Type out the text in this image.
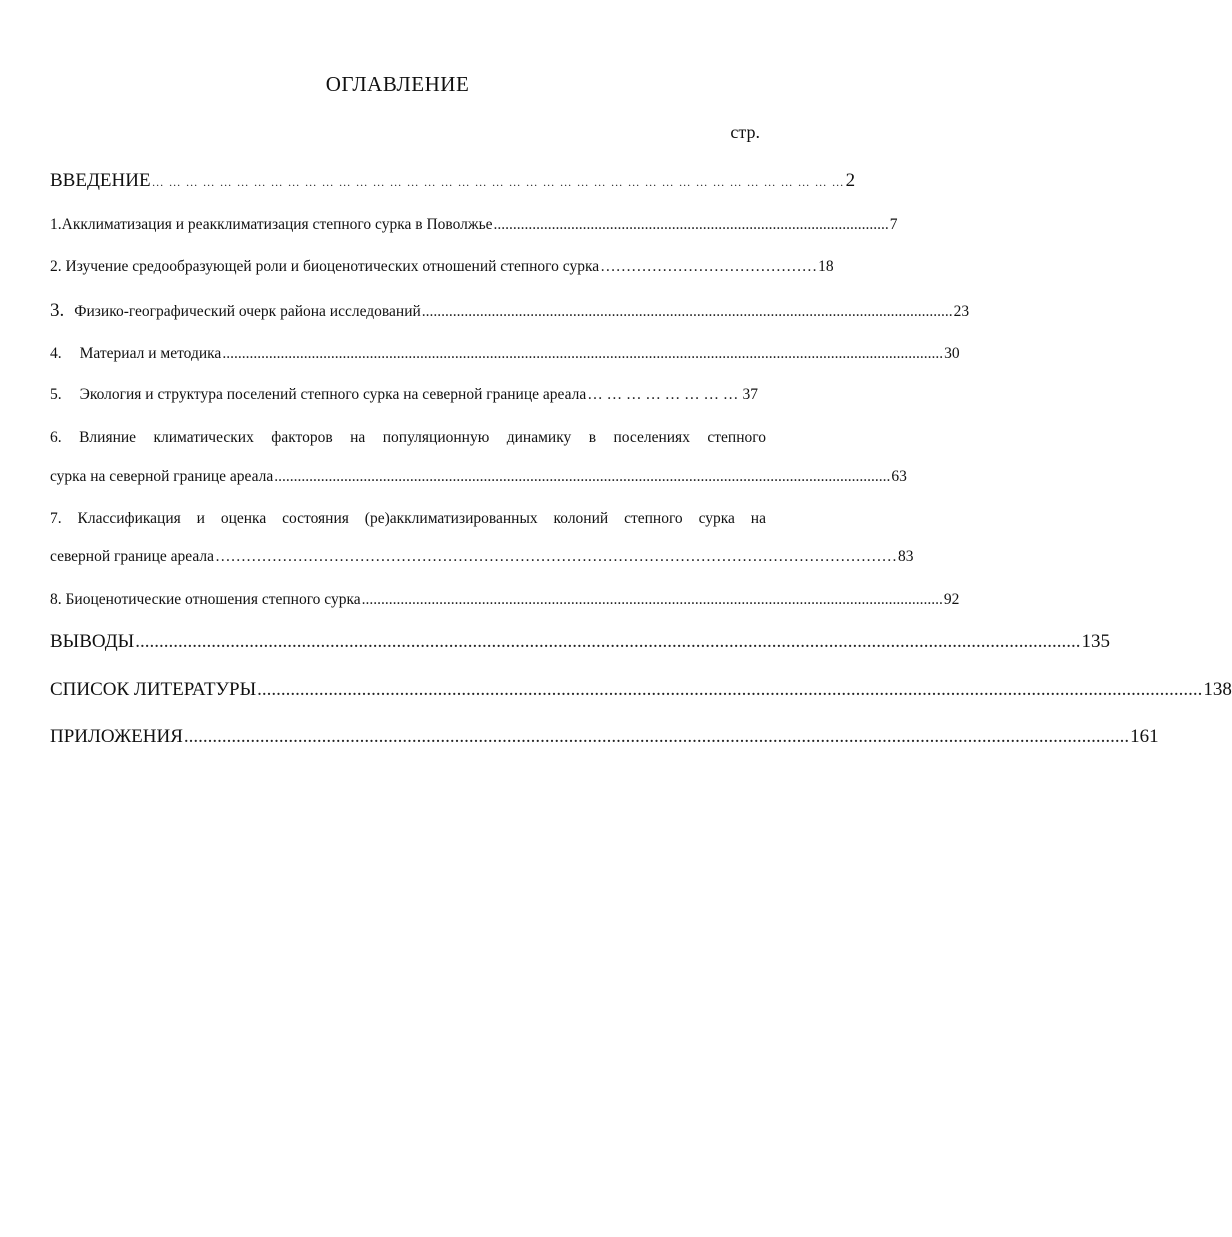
ОГЛАВЛЕНИЕ
стр.
ВВЕДЕНИЕ … … … … … … … … … … … … … … … … … … … … … … … … … … … … … … … … … … … … … … … … … 2
1.Акклиматизация и реакклиматизация степного сурка в Поволжье ...................................................................................................... 7
2. Изучение средообразующей роли и биоценотических отношений степного сурка …………………………………… 18
3. Физико-географический очерк района исследований ......................................................................................................................................... 23
4. Материал и методика .......................................................................................................................................................................................... 30
5. Экология и структура поселений степного сурка на северной границе ареала … … … … … … … … 37
6. Влияние климатических факторов на популяционную динамику в поселениях степного
сурка на северной границе ареала ............................................................................................................................................................... 63
7. Классификация и оценка состояния (ре)акклиматизированных колоний степного сурка на
северной границе ареала …………………………………………………………………………………………………………………… 83
8. Биоценотические отношения степного сурка ...................................................................................................................................................... 92
ВЫВОДЫ ....................................................................................................................................................................................................... 135
СПИСОК ЛИТЕРАТУРЫ ....................................................................................................................................................................................................... 138
ПРИЛОЖЕНИЯ ....................................................................................................................................................................................................... 161
